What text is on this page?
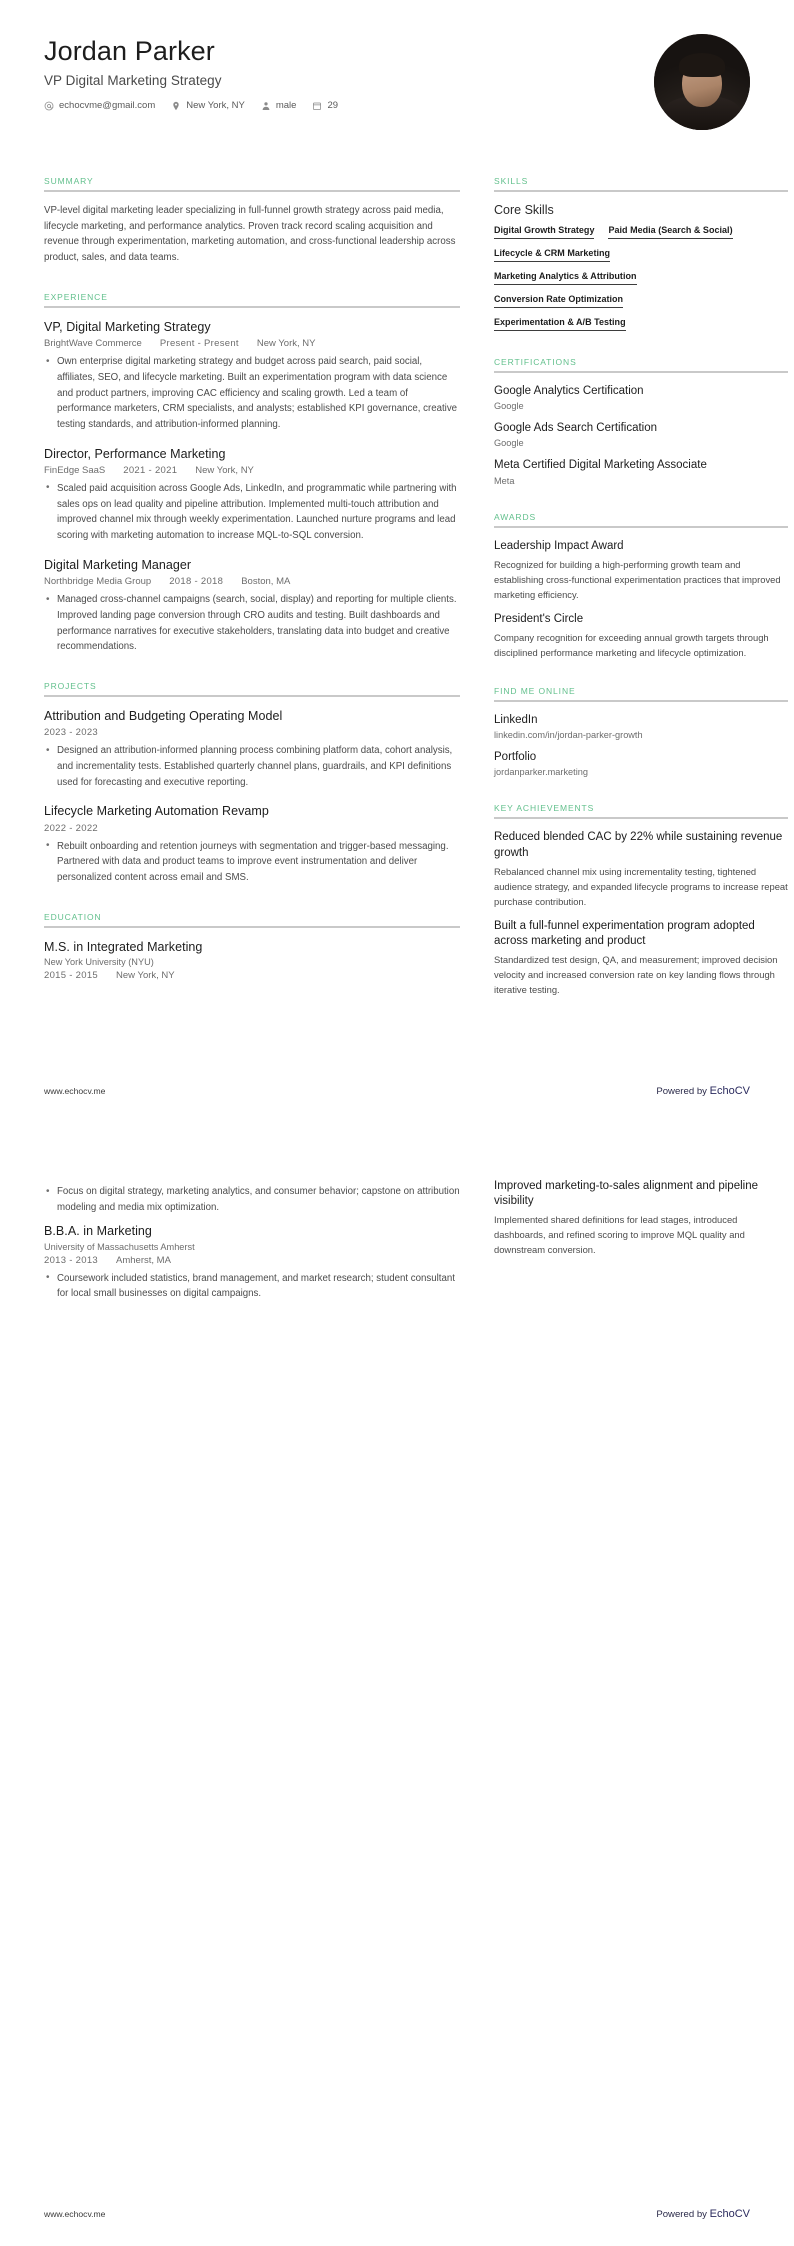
Jordan Parker
VP Digital Marketing Strategy
echocvme@gmail.com	New York, NY	male	29
SUMMARY
VP-level digital marketing leader specializing in full-funnel growth strategy across paid media, lifecycle marketing, and performance analytics. Proven track record scaling acquisition and revenue through experimentation, marketing automation, and cross-functional leadership across product, sales, and data teams.
EXPERIENCE
VP, Digital Marketing Strategy
BrightWave Commerce Present - Present New York, NY
• Own enterprise digital marketing strategy and budget across paid search, paid social, affiliates, SEO, and lifecycle marketing. Built an experimentation program with data science and product partners, improving CAC efficiency and scaling growth. Led a team of performance marketers, CRM specialists, and analysts; established KPI governance, creative testing standards, and attribution-informed planning.
Director, Performance Marketing
FinEdge SaaS 2021 - 2021 New York, NY
• Scaled paid acquisition across Google Ads, LinkedIn, and programmatic while partnering with sales ops on lead quality and pipeline attribution. Implemented multi-touch attribution and improved channel mix through weekly experimentation. Launched nurture programs and lead scoring with marketing automation to increase MQL-to-SQL conversion.
Digital Marketing Manager
Northbridge Media Group 2018 - 2018 Boston, MA
• Managed cross-channel campaigns (search, social, display) and reporting for multiple clients. Improved landing page conversion through CRO audits and testing. Built dashboards and performance narratives for executive stakeholders, translating data into budget and creative recommendations.
PROJECTS
Attribution and Budgeting Operating Model
2023 - 2023
• Designed an attribution-informed planning process combining platform data, cohort analysis, and incrementality tests. Established quarterly channel plans, guardrails, and KPI definitions used for forecasting and executive reporting.
Lifecycle Marketing Automation Revamp
2022 - 2022
• Rebuilt onboarding and retention journeys with segmentation and trigger-based messaging. Partnered with data and product teams to improve event instrumentation and deliver personalized content across email and SMS.
EDUCATION
M.S. in Integrated Marketing
New York University (NYU)
2015 - 2015 New York, NY
SKILLS
Core Skills
Digital Growth Strategy Paid Media (Search & Social)
Lifecycle & CRM Marketing
Marketing Analytics & Attribution
Conversion Rate Optimization
Experimentation & A/B Testing
CERTIFICATIONS
Google Analytics Certification
Google
Google Ads Search Certification
Google
Meta Certified Digital Marketing Associate
Meta
AWARDS
Leadership Impact Award
Recognized for building a high-performing growth team and establishing cross-functional experimentation practices that improved marketing efficiency.
President's Circle
Company recognition for exceeding annual growth targets through disciplined performance marketing and lifecycle optimization.
FIND ME ONLINE
LinkedIn
linkedin.com/in/jordan-parker-growth
Portfolio
jordanparker.marketing
KEY ACHIEVEMENTS
Reduced blended CAC by 22% while sustaining revenue growth
Rebalanced channel mix using incrementality testing, tightened audience strategy, and expanded lifecycle programs to increase repeat purchase contribution.
Built a full-funnel experimentation program adopted across marketing and product
Standardized test design, QA, and measurement; improved decision velocity and increased conversion rate on key landing flows through iterative testing.
www.echocv.me	Powered by EchoCV
• Focus on digital strategy, marketing analytics, and consumer behavior; capstone on attribution modeling and media mix optimization.
B.B.A. in Marketing
University of Massachusetts Amherst
2013 - 2013 Amherst, MA
• Coursework included statistics, brand management, and market research; student consultant for local small businesses on digital campaigns.
Improved marketing-to-sales alignment and pipeline visibility
Implemented shared definitions for lead stages, introduced dashboards, and refined scoring to improve MQL quality and downstream conversion.
www.echocv.me	Powered by EchoCV
